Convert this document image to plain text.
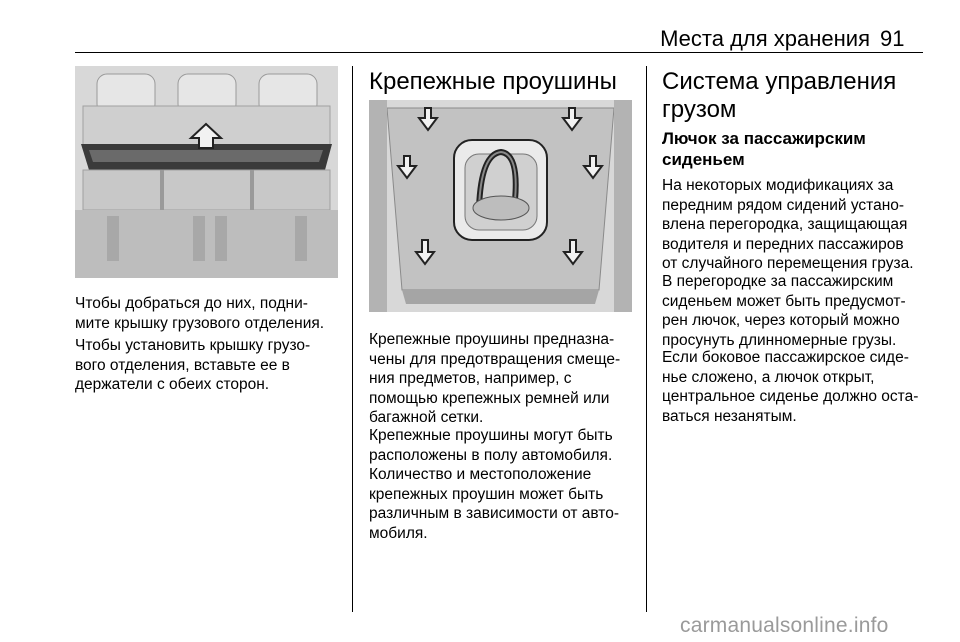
Места для хранения 91

Чтобы добраться до них, подни-
мите крышку грузового отделения.

Чтобы установить крышку грузо-
вого отделения, вставьте ее в
держатели с обеих сторон.

Крепежные проушины

Крепежные проушины предназна-
чены для предотвращения смеще-
ния предметов, например, с
помощью крепежных ремней или
багажной сетки.

Крепежные проушины могут быть
расположены в полу автомобиля.
Количество и местоположение
крепежных проушин может быть
различным в зависимости от авто-
мобиля.

Система управления
грузом
Лючок за пассажирским
сиденьем

На некоторых модификациях за
передним рядом сидений устано-
влена перегородка, защищающая
водителя и передних пассажиров
от случайного перемещения груза.

В перегородке за пассажирским
сиденьем может быть предусмот-
рен лючок, через который можно
просунуть длинномерные грузы.

Если боковое пассажирское сиде-
нье сложено, а лючок открыт,
центральное сиденье должно оста-
ваться незанятым.

carmanualsonline.info
